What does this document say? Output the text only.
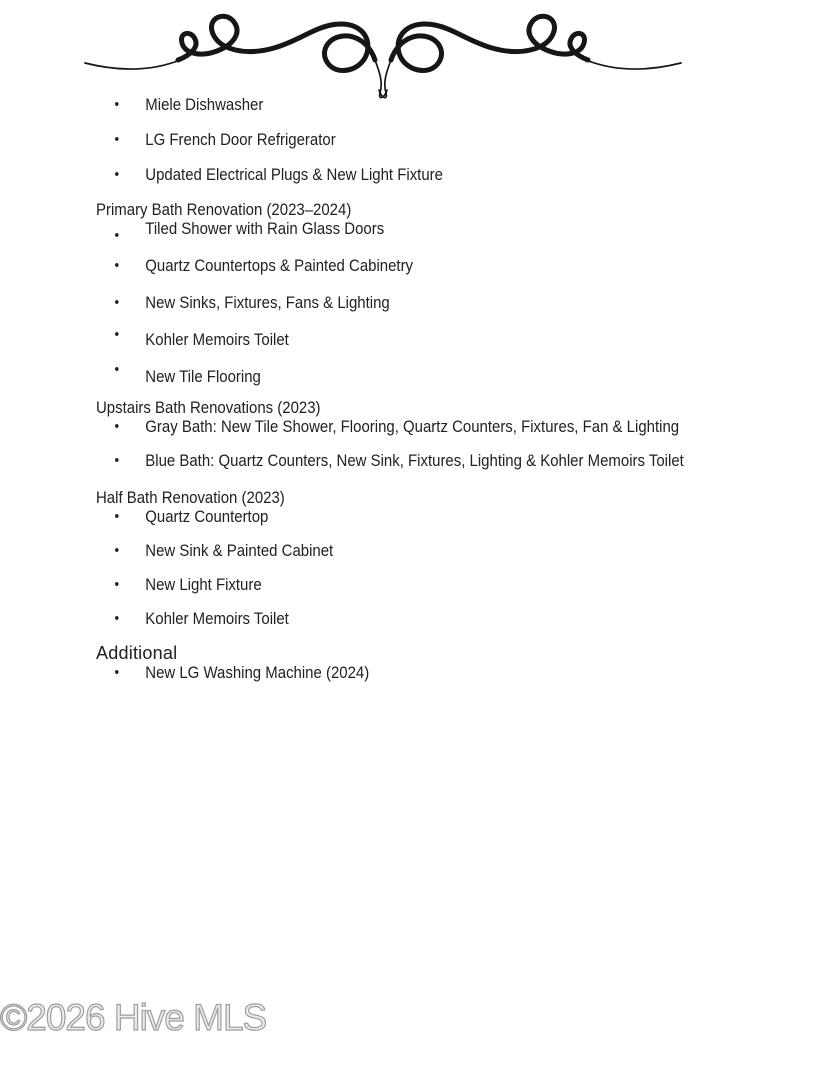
• Miele Dishwasher
• LG French Door Refrigerator
• Updated Electrical Plugs & New Light Fixture
Primary Bath Renovation (2023–2024)
• Tiled Shower with Rain Glass Doors
• Quartz Countertops & Painted Cabinetry
• New Sinks, Fixtures, Fans & Lighting
• Kohler Memoirs Toilet
• New Tile Flooring
Upstairs Bath Renovations (2023)
• Gray Bath: New Tile Shower, Flooring, Quartz Counters, Fixtures, Fan & Lighting
• Blue Bath: Quartz Counters, New Sink, Fixtures, Lighting & Kohler Memoirs Toilet
Half Bath Renovation (2023)
• Quartz Countertop
• New Sink & Painted Cabinet
• New Light Fixture
• Kohler Memoirs Toilet
Additional
• New LG Washing Machine (2024)
©2026 Hive MLS
